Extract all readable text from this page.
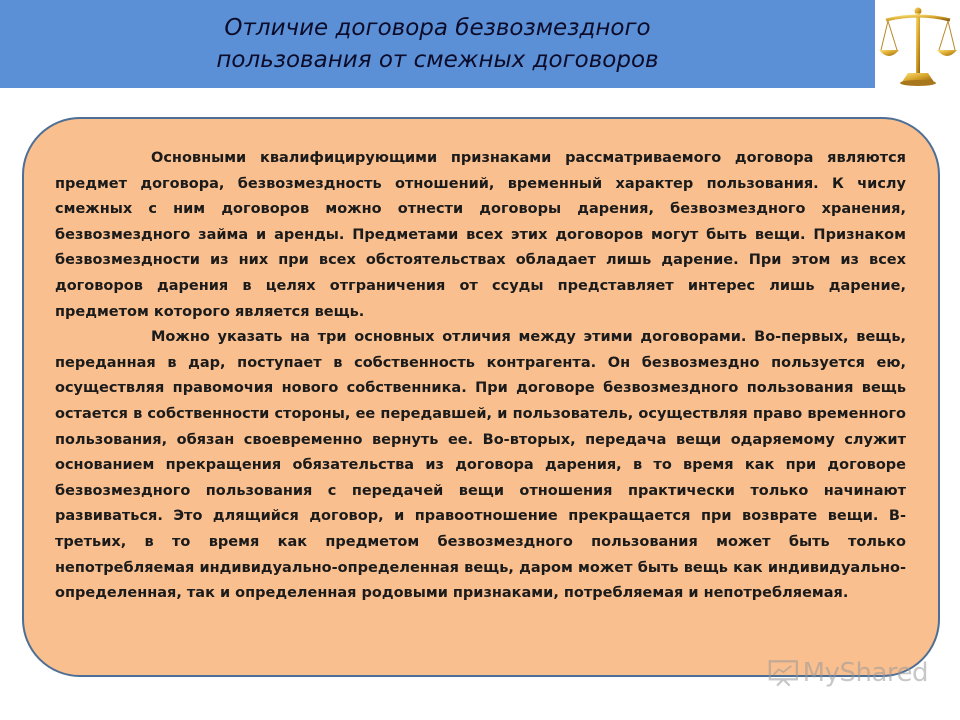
Отличие договора безвозмездного
пользования от смежных договоров

Основными квалифицирующими признаками рассматриваемого договора являются предмет договора, безвозмездность отношений, временный характер пользования. К числу смежных с ним договоров можно отнести договоры дарения, безвозмездного хранения, безвозмездного займа и аренды. Предметами всех этих договоров могут быть вещи. Признаком безвозмездности из них при всех обстоятельствах обладает лишь дарение. При этом из всех договоров дарения в целях отграничения от ссуды представляет интерес лишь дарение, предметом которого является вещь.

Можно указать на три основных отличия между этими договорами. Во-первых, вещь, переданная в дар, поступает в собственность контрагента. Он безвозмездно пользуется ею, осуществляя правомочия нового собственника. При договоре безвозмездного пользования вещь остается в собственности стороны, ее передавшей, и пользователь, осуществляя право временного пользования, обязан своевременно вернуть ее. Во-вторых, передача вещи одаряемому служит основанием прекращения обязательства из договора дарения, в то время как при договоре безвозмездного пользования с передачей вещи отношения практически только начинают развиваться. Это длящийся договор, и правоотношение прекращается при возврате вещи. В-третьих, в то время как предметом безвозмездного пользования может быть только непотребляемая индивидуально-определенная вещь, даром может быть вещь как индивидуально-определенная, так и определенная родовыми признаками, потребляемая и непотребляемая.

MyShared
